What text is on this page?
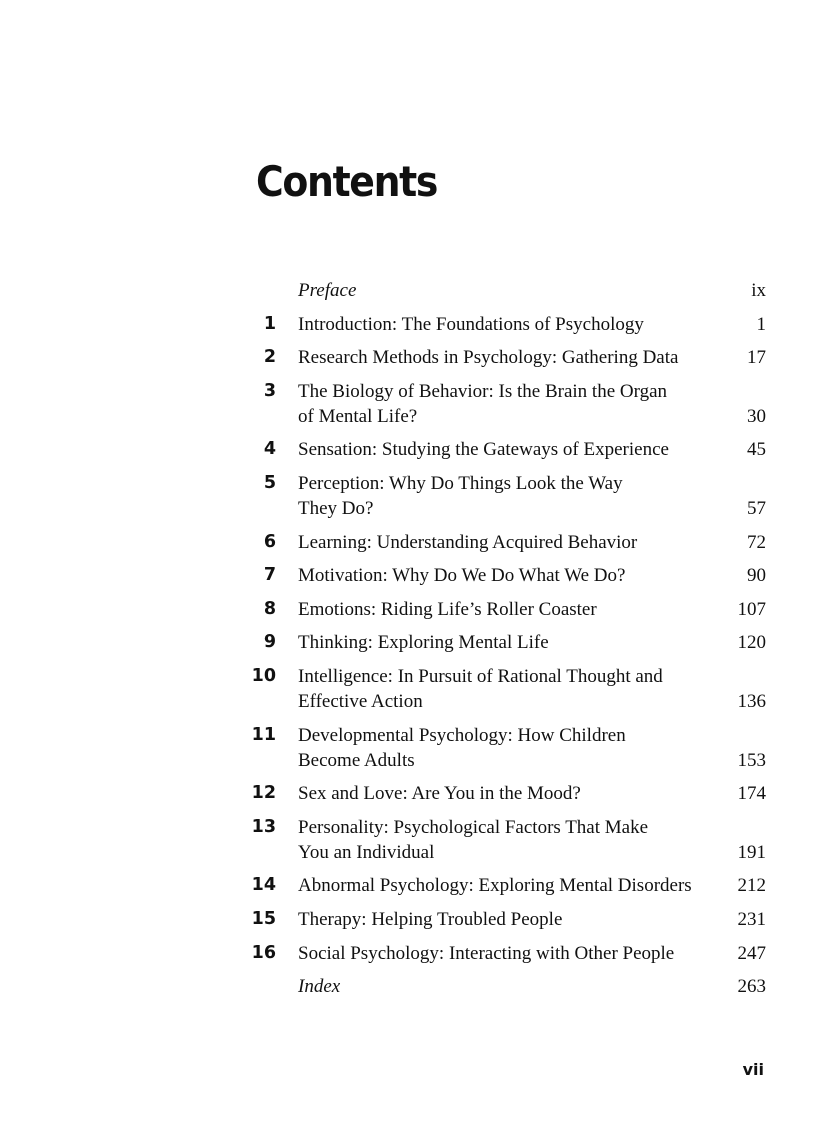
Contents
Preface	ix
1 Introduction: The Foundations of Psychology	1
2 Research Methods in Psychology: Gathering Data	17
3 The Biology of Behavior: Is the Brain the Organ
of Mental Life?	30
4 Sensation: Studying the Gateways of Experience	45
5 Perception: Why Do Things Look the Way
They Do?	57
6 Learning: Understanding Acquired Behavior	72
7 Motivation: Why Do We Do What We Do?	90
8 Emotions: Riding Life’s Roller Coaster	107
9 Thinking: Exploring Mental Life	120
10 Intelligence: In Pursuit of Rational Thought and
Effective Action	136
11 Developmental Psychology: How Children
Become Adults	153
12 Sex and Love: Are You in the Mood?	174
13 Personality: Psychological Factors That Make
You an Individual	191
14 Abnormal Psychology: Exploring Mental Disorders	212
15 Therapy: Helping Troubled People	231
16 Social Psychology: Interacting with Other People	247
Index	263
vii
